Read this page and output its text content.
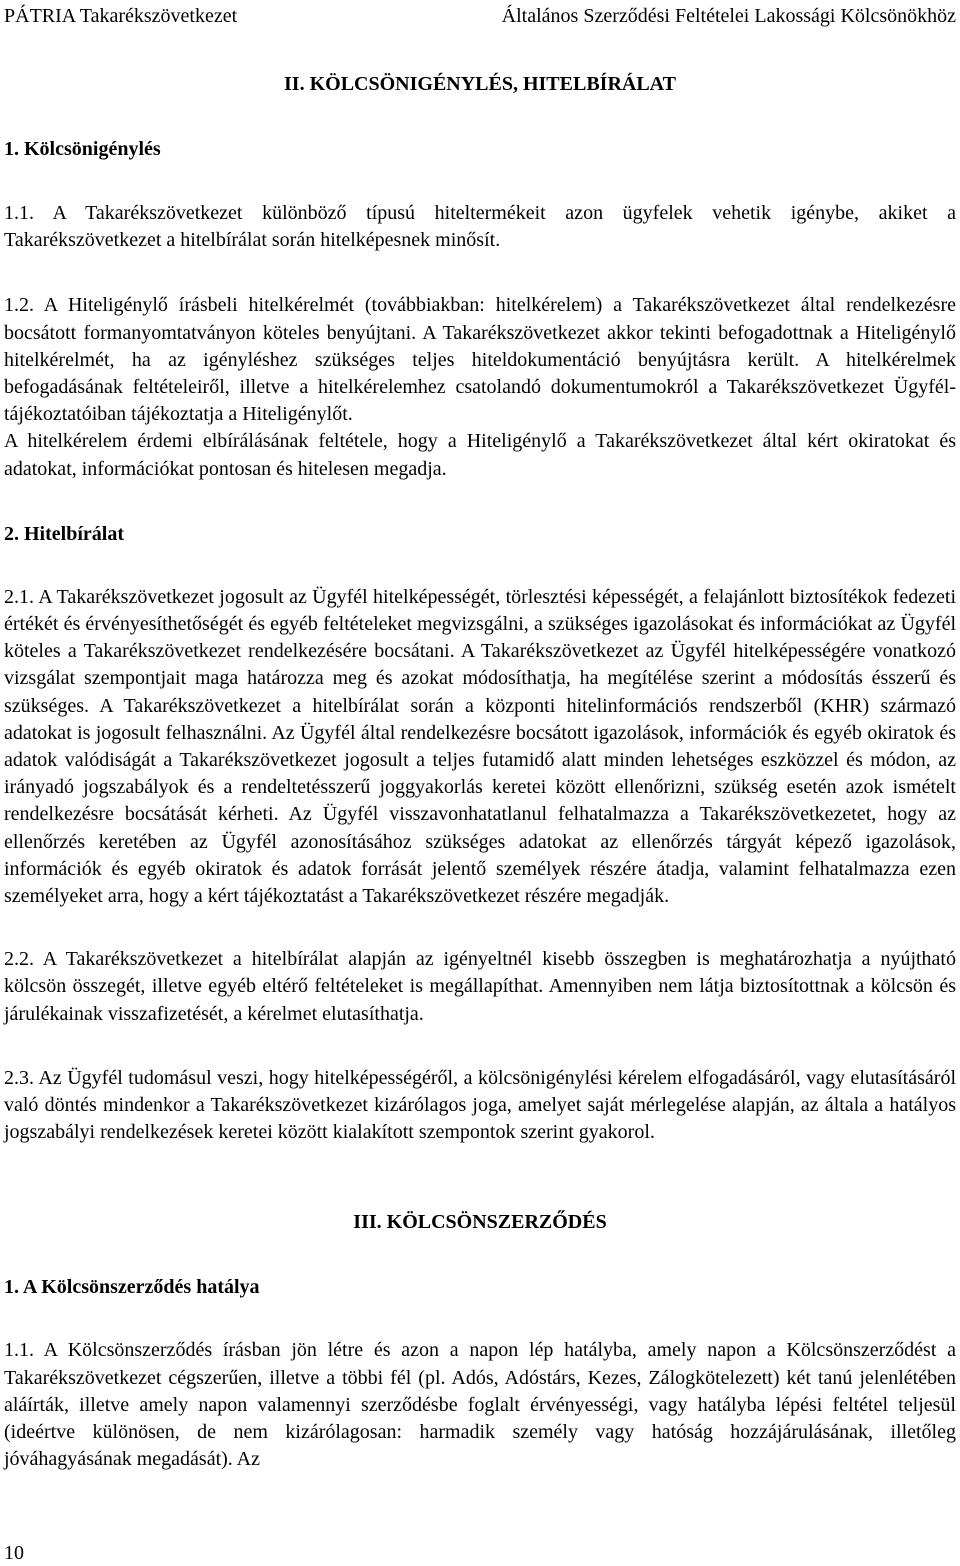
PÁTRIA Takarékszövetkezet	Általános Szerződési Feltételei Lakossági Kölcsönökhöz

II. KÖLCSÖNIGÉNYLÉS, HITELBÍRÁLAT

1. Kölcsönigénylés

1.1. A Takarékszövetkezet különböző típusú hiteltermékeit azon ügyfelek vehetik igénybe, akiket a Takarékszövetkezet a hitelbírálat során hitelképesnek minősít.

1.2. A Hiteligénylő írásbeli hitelkérelmét (továbbiakban: hitelkérelem) a Takarékszövetkezet által rendelkezésre bocsátott formanyomtatványon köteles benyújtani. A Takarékszövetkezet akkor tekinti befogadottnak a Hiteligénylő hitelkérelmét, ha az igényléshez szükséges teljes hiteldokumentáció benyújtásra került. A hitelkérelmek befogadásának feltételeiről, illetve a hitelkérelemhez csatolandó dokumentumokról a Takarékszövetkezet Ügyfél-tájékoztatóiban tájékoztatja a Hiteligénylőt.

A hitelkérelem érdemi elbírálásának feltétele, hogy a Hiteligénylő a Takarékszövetkezet által kért okiratokat és adatokat, információkat pontosan és hitelesen megadja.

2. Hitelbírálat

2.1. A Takarékszövetkezet jogosult az Ügyfél hitelképességét, törlesztési képességét, a felajánlott biztosítékok fedezeti értékét és érvényesíthetőségét és egyéb feltételeket megvizsgálni, a szükséges igazolásokat és információkat az Ügyfél köteles a Takarékszövetkezet rendelkezésére bocsátani. A Takarékszövetkezet az Ügyfél hitelképességére vonatkozó vizsgálat szempontjait maga határozza meg és azokat módosíthatja, ha megítélése szerint a módosítás ésszerű és szükséges. A Takarékszövetkezet a hitelbírálat során a központi hitelinformációs rendszerből (KHR) származó adatokat is jogosult felhasználni. Az Ügyfél által rendelkezésre bocsátott igazolások, információk és egyéb okiratok és adatok valódiságát a Takarékszövetkezet jogosult a teljes futamidő alatt minden lehetséges eszközzel és módon, az irányadó jogszabályok és a rendeltetésszerű joggyakorlás keretei között ellenőrizni, szükség esetén azok ismételt rendelkezésre bocsátását kérheti. Az Ügyfél visszavonhatatlanul felhatalmazza a Takarékszövetkezetet, hogy az ellenőrzés keretében az Ügyfél azonosításához szükséges adatokat az ellenőrzés tárgyát képező igazolások, információk és egyéb okiratok és adatok forrását jelentő személyek részére átadja, valamint felhatalmazza ezen személyeket arra, hogy a kért tájékoztatást a Takarékszövetkezet részére megadják.

2.2. A Takarékszövetkezet a hitelbírálat alapján az igényeltnél kisebb összegben is meghatározhatja a nyújtható kölcsön összegét, illetve egyéb eltérő feltételeket is megállapíthat. Amennyiben nem látja biztosítottnak a kölcsön és járulékainak visszafizetését, a kérelmet elutasíthatja.

2.3. Az Ügyfél tudomásul veszi, hogy hitelképességéről, a kölcsönigénylési kérelem elfogadásáról, vagy elutasításáról való döntés mindenkor a Takarékszövetkezet kizárólagos joga, amelyet saját mérlegelése alapján, az általa a hatályos jogszabályi rendelkezések keretei között kialakított szempontok szerint gyakorol.

III. KÖLCSÖNSZERZŐDÉS

1. A Kölcsönszerződés hatálya

1.1. A Kölcsönszerződés írásban jön létre és azon a napon lép hatályba, amely napon a Kölcsönszerződést a Takarékszövetkezet cégszerűen, illetve a többi fél (pl. Adós, Adóstárs, Kezes, Zálogkötelezett) két tanú jelenlétében aláírták, illetve amely napon valamennyi szerződésbe foglalt érvényességi, vagy hatályba lépési feltétel teljesül (ideértve különösen, de nem kizárólagosan: harmadik személy vagy hatóság hozzájárulásának, illetőleg jóváhagyásának megadását). Az

10
